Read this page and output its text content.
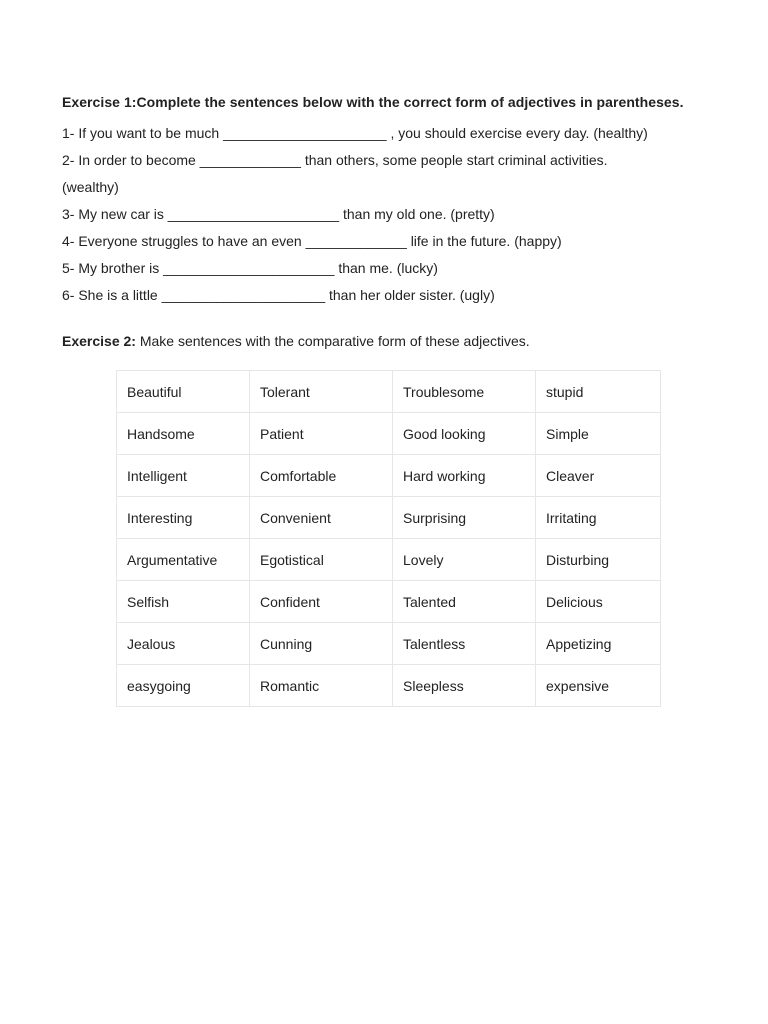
Exercise 1:Complete the sentences below with the correct form of adjectives in parentheses.

1- If you want to be much _____________________ , you should exercise every day. (healthy)

2- In order to become _____________ than others, some people start criminal activities.

(wealthy)

3- My new car is ______________________ than my old one. (pretty)

4- Everyone struggles to have an even _____________ life in the future. (happy)

5- My brother is ______________________ than me. (lucky)

6- She is a little _____________________ than her older sister. (ugly)

Exercise 2: Make sentences with the comparative form of these adjectives.

Beautiful	Tolerant	Troublesome	stupid
Handsome	Patient	Good looking	Simple
Intelligent	Comfortable	Hard working	Cleaver
Interesting	Convenient	Surprising	Irritating
Argumentative	Egotistical	Lovely	Disturbing
Selfish	Confident	Talented	Delicious
Jealous	Cunning	Talentless	Appetizing
easygoing	Romantic	Sleepless	expensive
